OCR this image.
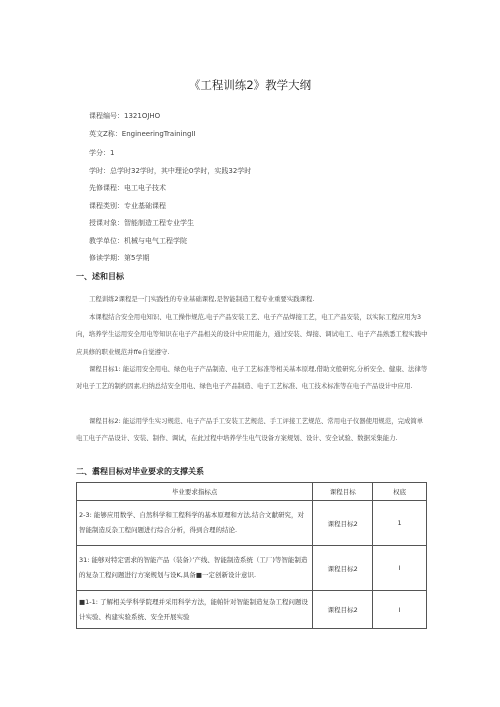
《工程训练2》教学大纲
课程编号：1321OJHO
英文Z称：EngineeringTrainingII
学分：1
学时：总学时32学时，其中理论0学时，实践32学时
先修课程：电工电子技术
课程类别：专业基础课程
授课对象：智能制造工程专业学生
教学单位：机械与电气工程学院
修读学期：第5学期
一、述和目标
工程训练2课程是一门实践性的专业基础课程,是智能制造工程专业重要实践课程.
本课程结合安全用电知识、电工操作规范,电子产品安装工艺、电子产品焊接工艺，电工产品安装，以实际工程应用为3向，培养学生运用安全用电等知识在电子产品相关的设计中应用能力，通过安装、焊接、调试电工、电子产品熟悉工程实践中应具修的职业规范并ffe自觉遵守.
课程目标1: 能运用安全用电、绿色电子产品制造、电子工艺标准等相关基本原理,借助文般研究,分析安全、健康、法律等对电子工艺的制约因素,归纳总结安全用电、绿色电子产品制造、电子工艺标准、电工技术标准等在电子产品设计中应用.
课程目标2: 能运用学生实习规范、电子产品手工安装工艺规范、手工评接工艺规范、常用电子仪器使用规范，完成简单电工电子产品设计、安装、制作、调试，在此过程中培养学生电气设备方案规划、设计、安全试验、数据采集能力.
二、翥程目标对毕业要求的支撑关系
毕业要求指标点	课程目标	权底
2-3: 能够应用数学、自然科学和工程科学的基本原理和方法,结合文献研究，对智能制造反杂工程问题进行综合分析，得到合理的结论.	课程目标2	1
31: 能够对特定需求的智能产品（装备）’产线、智能制造系统（工厂)等智能制造的复杂工程问题进行方案规划与设K,具备■一定创新设计意识.	课程目标2	I
■1-1: 了解相关学科学院理并采用科学方法，能帕针对智能制造复杂工程问题设计实验、构建实验系统、安全开展实验	课程目标2	I
